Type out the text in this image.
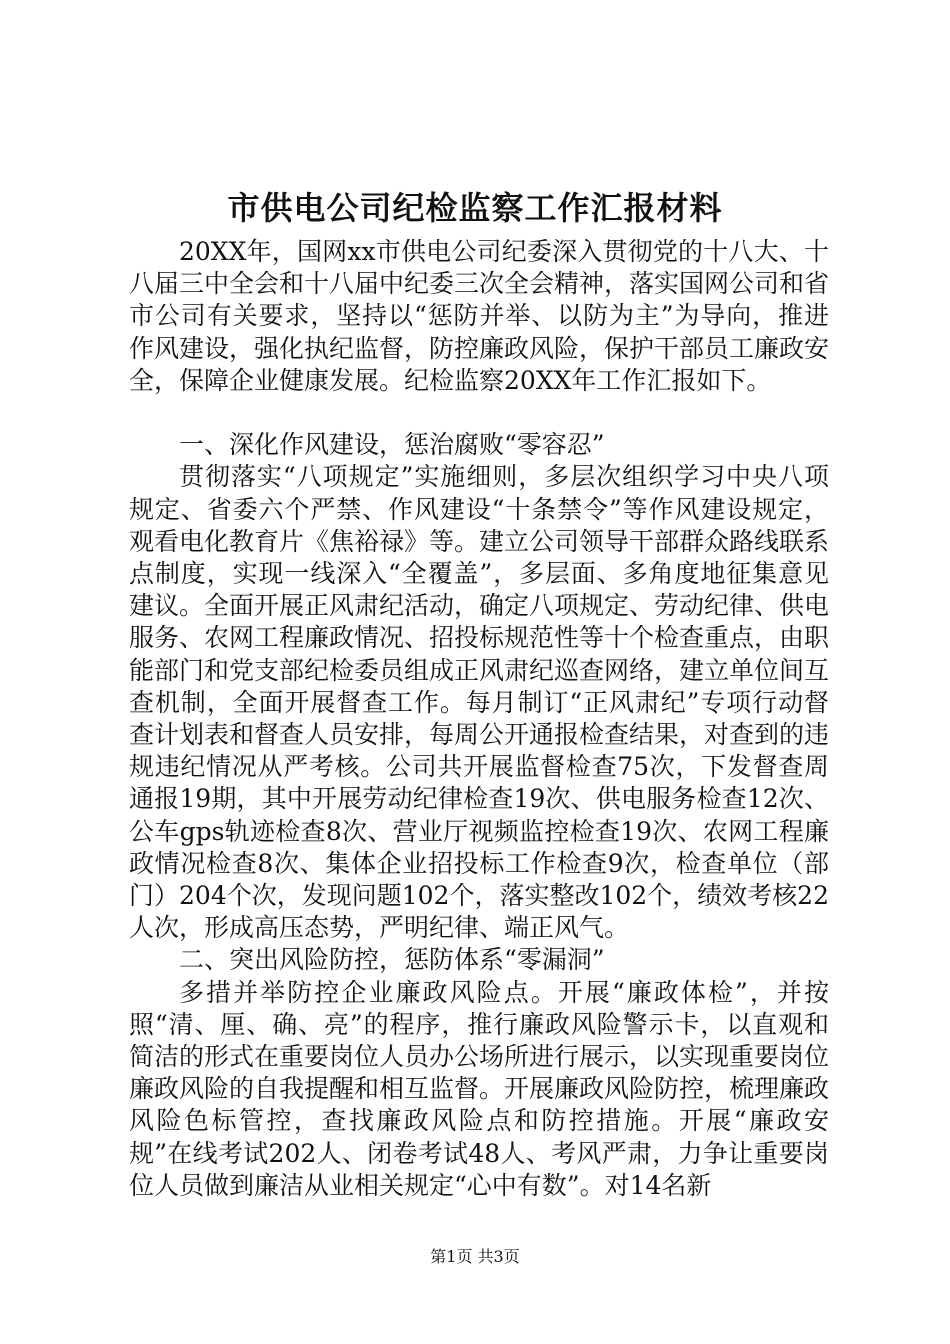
市供电公司纪检监察工作汇报材料

20XX年，国网xx市供电公司纪委深入贯彻党的十八大、十八届三中全会和十八届中纪委三次全会精神，落实国网公司和省市公司有关要求，坚持以“惩防并举、以防为主”为导向，推进作风建设，强化执纪监督，防控廉政风险，保护干部员工廉政安全，保障企业健康发展。纪检监察20XX年工作汇报如下。

一、深化作风建设，惩治腐败“零容忍”

贯彻落实“八项规定”实施细则，多层次组织学习中央八项规定、省委六个严禁、作风建设“十条禁令”等作风建设规定，观看电化教育片《焦裕禄》等。建立公司领导干部群众路线联系点制度，实现一线深入“全覆盖”，多层面、多角度地征集意见建议。全面开展正风肃纪活动，确定八项规定、劳动纪律、供电服务、农网工程廉政情况、招投标规范性等十个检查重点，由职能部门和党支部纪检委员组成正风肃纪巡查网络，建立单位间互查机制，全面开展督查工作。每月制订“正风肃纪”专项行动督查计划表和督查人员安排，每周公开通报检查结果，对查到的违规违纪情况从严考核。公司共开展监督检查75次，下发督查周通报19期，其中开展劳动纪律检查19次、供电服务检查12次、公车gps轨迹检查8次、营业厅视频监控检查19次、农网工程廉政情况检查8次、集体企业招投标工作检查9次，检查单位（部门）204个次，发现问题102个，落实整改102个，绩效考核22人次，形成高压态势，严明纪律、端正风气。

二、突出风险防控，惩防体系“零漏洞”

多措并举防控企业廉政风险点。开展“廉政体检”，并按照“清、厘、确、亮”的程序，推行廉政风险警示卡，以直观和简洁的形式在重要岗位人员办公场所进行展示，以实现重要岗位廉政风险的自我提醒和相互监督。开展廉政风险防控，梳理廉政风险色标管控，查找廉政风险点和防控措施。开展“廉政安规”在线考试202人、闭卷考试48人、考风严肃，力争让重要岗位人员做到廉洁从业相关规定“心中有数”。对14名新

第1页 共3页
